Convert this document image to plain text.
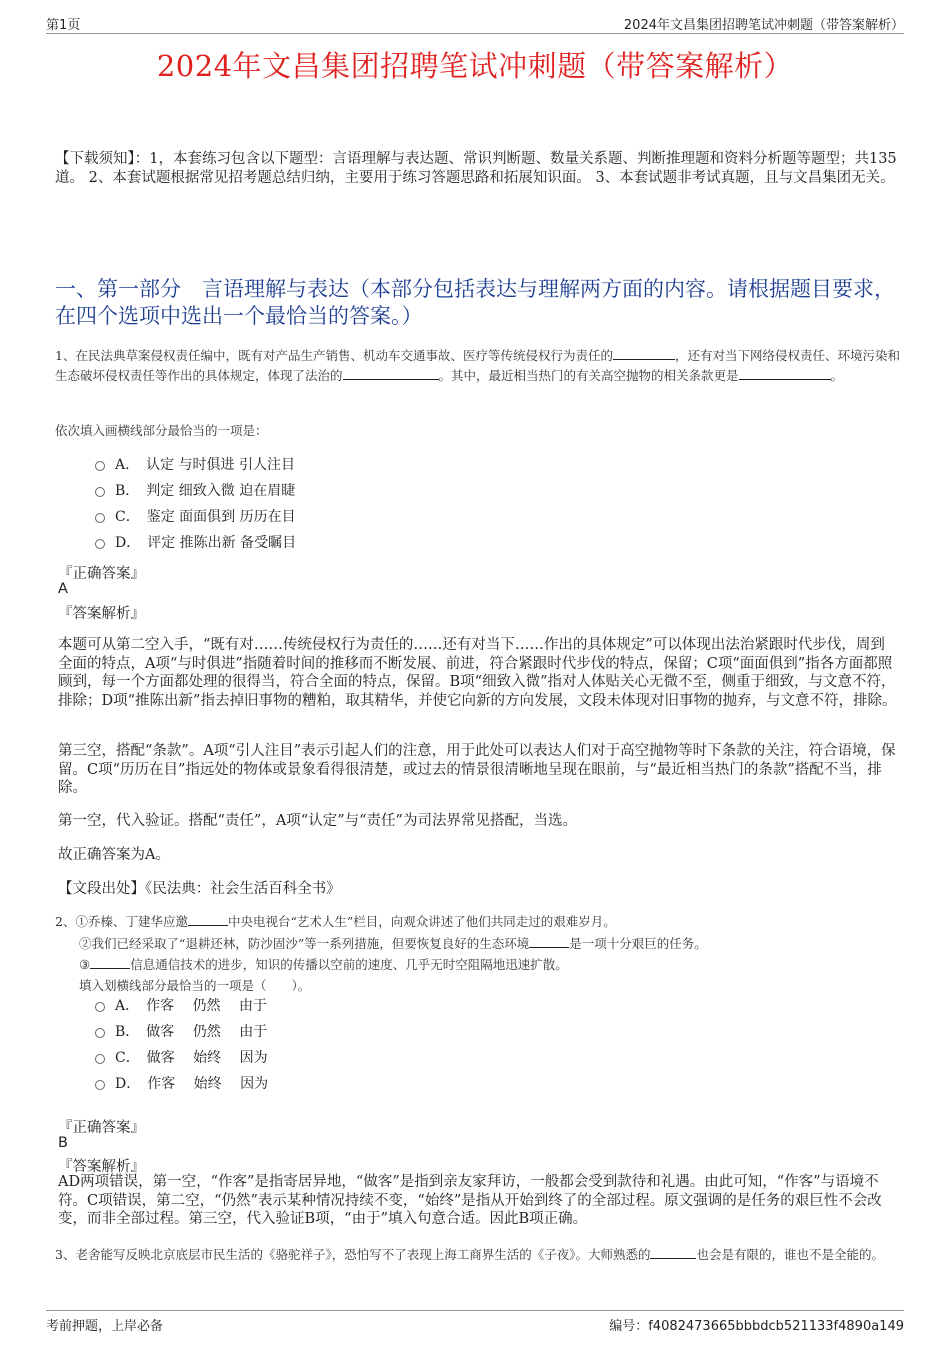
第1页	2024年文昌集团招聘笔试冲刺题（带答案解析）
2024年文昌集团招聘笔试冲刺题（带答案解析）
【下载须知】：1，本套练习包含以下题型：言语理解与表达题、常识判断题、数量关系题、判断推理题和资料分析题等题型；共135道。 2、本套试题根据常见招考题总结归纳，主要用于练习答题思路和拓展知识面。 3、本套试题非考试真题，且与文昌集团无关。
一、第一部分　言语理解与表达（本部分包括表达与理解两方面的内容。请根据题目要求，在四个选项中选出一个最恰当的答案。）
1、在民法典草案侵权责任编中，既有对产品生产销售、机动车交通事故、医疗等传统侵权行为责任的	，还有对当下网络侵权责任、环境污染和生态破坏侵权责任等作出的具体规定，体现了法治的	。其中，最近相当热门的有关高空抛物的相关条款更是	。
依次填入画横线部分最恰当的一项是：
A．　认定 与时俱进 引人注目
B．　判定 细致入微 迫在眉睫
C．　鉴定 面面俱到 历历在目
D．　评定 推陈出新 备受瞩目
『正确答案』
A
『答案解析』
本题可从第二空入手，“既有对……传统侵权行为责任的……还有对当下……作出的具体规定”可以体现出法治紧跟时代步伐，周到全面的特点，A项“与时俱进”指随着时间的推移而不断发展、前进，符合紧跟时代步伐的特点，保留；C项“面面俱到”指各方面都照顾到，每一个方面都处理的很得当，符合全面的特点，保留。B项“细致入微”指对人体贴关心无微不至，侧重于细致，与文意不符，排除；D项“推陈出新”指去掉旧事物的糟粕，取其精华，并使它向新的方向发展，文段未体现对旧事物的抛弃，与文意不符，排除。
第三空，搭配“条款”。A项“引人注目”表示引起人们的注意，用于此处可以表达人们对于高空抛物等时下条款的关注，符合语境，保留。C项“历历在目”指远处的物体或景象看得很清楚，或过去的情景很清晰地呈现在眼前，与“最近相当热门的条款”搭配不当，排除。
第一空，代入验证。搭配“责任”，A项“认定”与“责任”为司法界常见搭配，当选。
故正确答案为A。
【文段出处】《民法典：社会生活百科全书》
2、①乔榛、丁建华应邀	中央电视台“艺术人生”栏目，向观众讲述了他们共同走过的艰难岁月。
②我们已经采取了“退耕还林，防沙固沙”等一系列措施，但要恢复良好的生态环境	是一项十分艰巨的任务。
③	信息通信技术的进步，知识的传播以空前的速度、几乎无时空阻隔地迅速扩散。
填入划横线部分最恰当的一项是（　　）。
A．　作客　 仍然　 由于
B．　做客　 仍然　 由于
C．　做客　 始终　 因为
D．　作客　 始终　 因为
『正确答案』
B
『答案解析』
AD两项错误，第一空，“作客”是指寄居异地，“做客”是指到亲友家拜访，一般都会受到款待和礼遇。由此可知，“作客”与语境不符。C项错误，第二空，“仍然”表示某种情况持续不变，“始终”是指从开始到终了的全部过程。原文强调的是任务的艰巨性不会改变，而非全部过程。第三空，代入验证B项，“由于”填入句意合适。因此B项正确。
3、老舍能写反映北京底层市民生活的《骆驼祥子》，恐怕写不了表现上海工商界生活的《子夜》。大师熟悉的	也会是有限的，谁也不是全能的。
考前押题，上岸必备	编号：f4082473665bbbdcb521133f4890a149
